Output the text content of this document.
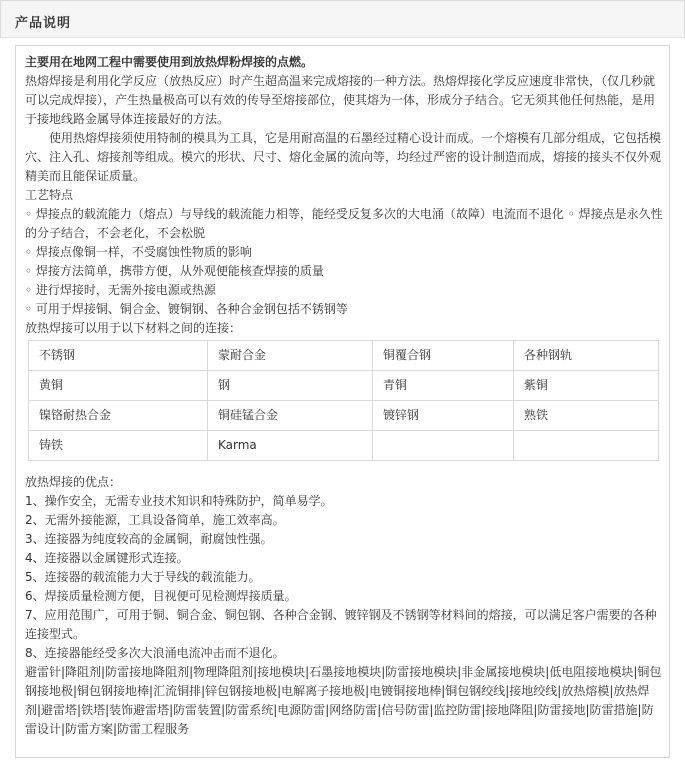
产品说明

主要用在地网工程中需要使用到放热焊粉焊接的点燃。

热熔焊接是利用化学反应（放热反应）时产生超高温来完成熔接的一种方法。热熔焊接化学反应速度非常快，（仅几秒就可以完成焊接），产生热量极高可以有效的传导至熔接部位，使其熔为一体，形成分子结合。它无须其他任何热能，是用于接地线路金属导体连接最好的方法。

使用热熔焊接须使用特制的模具为工具，它是用耐高温的石墨经过精心设计而成。一个熔模有几部分组成，它包括模穴、注入孔、熔接剂等组成。模穴的形状、尺寸、熔化金属的流向等，均经过严密的设计制造而成，熔接的接头不仅外观精美而且能保证质量。

工艺特点

◦ 焊接点的载流能力（熔点）与导线的载流能力相等，能经受反复多次的大电涌（故障）电流而不退化 ◦ 焊接点是永久性的分子结合，不会老化，不会松脱

◦ 焊接点像铜一样，不受腐蚀性物质的影响

◦ 焊接方法简单，携带方便，从外观便能核查焊接的质量

◦ 进行焊接时，无需外接电源或热源

◦ 可用于焊接铜、铜合金、镀铜钢、各种合金钢包括不锈钢等

放热焊接可以用于以下材料之间的连接：

不锈钢	蒙耐合金	铜覆合钢	各种钢轨
黄铜	钢	青铜	紫铜
镍铬耐热合金	铜硅锰合金	镀锌钢	熟铁
铸铁	Karma		

放热焊接的优点：

1、操作安全，无需专业技术知识和特殊防护，简单易学。

2、无需外接能源，工具设备简单，施工效率高。

3、连接器为纯度较高的金属铜，耐腐蚀性强。

4、连接器以金属键形式连接。

5、连接器的载流能力大于导线的载流能力。

6、焊接质量检测方便，目视便可见检测焊接质量。

7、应用范围广，可用于铜、铜合金、铜包钢、各种合金钢、镀锌钢及不锈钢等材料间的熔接，可以满足客户需要的各种连接型式。

8、连接器能经受多次大浪涌电流冲击而不退化。

避雷针|降阻剂|防雷接地降阻剂|物理降阻剂|接地模块|石墨接地模块|防雷接地模块|非金属接地模块|低电阻接地模块|铜包钢接地极|铜包钢接地棒|汇流铜排|锌包钢接地极|电解离子接地极|电镀铜接地棒|铜包钢绞线|接地绞线|放热熔模|放热焊剂|避雷塔|铁塔|装饰避雷塔|防雷装置|防雷系统|电源防雷|网络防雷|信号防雷|监控防雷|接地降阻|防雷接地|防雷措施|防雷设计|防雷方案|防雷工程服务
